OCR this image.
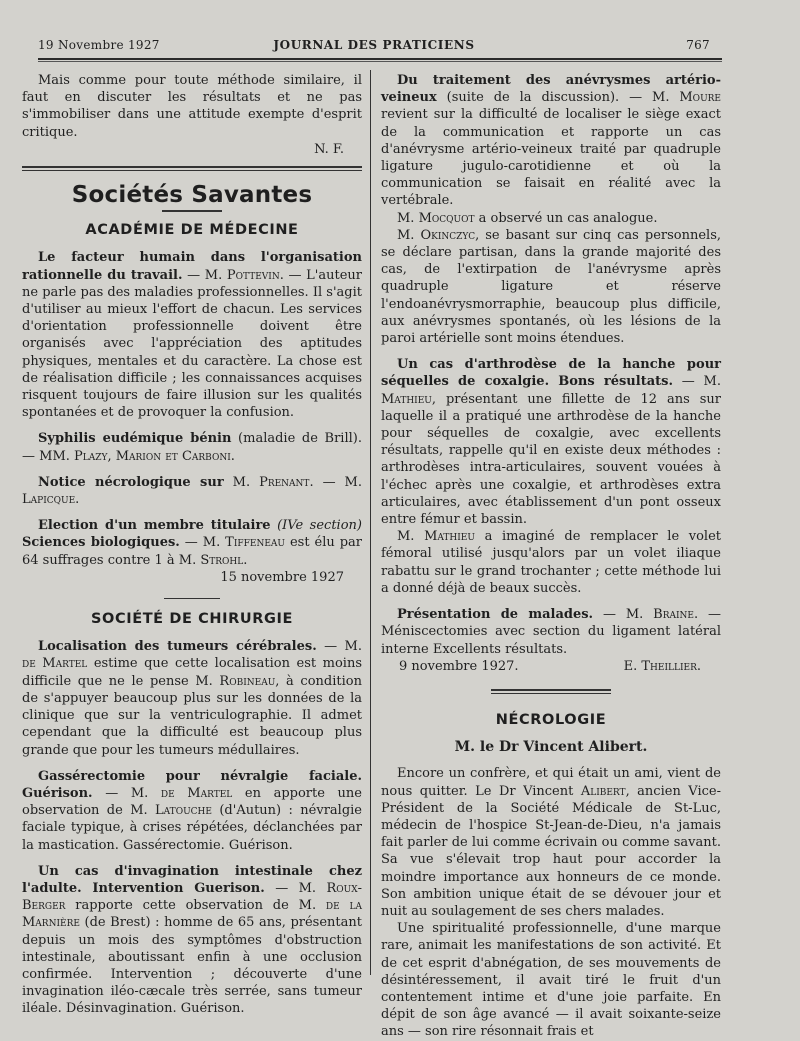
19 Novembre 1927	JOURNAL DES PRATICIENS	767

Mais comme pour toute méthode similaire, il faut en discuter les résultats et ne pas s'immobiliser dans une attitude exempte d'esprit critique.

N. F.

Sociétés Savantes
ACADÉMIE DE MÉDECINE

Le facteur humain dans l'organisation rationnelle du travail. — M. Pottevin. — L'auteur ne parle pas des maladies professionnelles. Il s'agit d'utiliser au mieux l'effort de chacun. Les services d'orientation professionnelle doivent être organisés avec l'appréciation des aptitudes physiques, mentales et du caractère. La chose est de réalisation difficile ; les connaissances acquises risquent toujours de faire illusion sur les qualités spontanées et de provoquer la confusion.

Syphilis eudémique bénin (maladie de Brill). — MM. Plazy, Marion et Carboni.

Notice nécrologique sur M. Prenant. — M. Lapicque.

Election d'un membre titulaire (IVe section) Sciences biologiques. — M. Tiffeneau est élu par 64 suffrages contre 1 à M. Strohl.

15 novembre 1927

SOCIÉTÉ DE CHIRURGIE

Localisation des tumeurs cérébrales. — M. de Martel estime que cette localisation est moins difficile que ne le pense M. Robineau, à condition de s'appuyer beaucoup plus sur les données de la clinique que sur la ventriculographie. Il admet cependant que la difficulté est beaucoup plus grande que pour les tumeurs médullaires.

Gassérectomie pour névralgie faciale. Guérison. — M. de Martel en apporte une observation de M. Latouche (d'Autun) : névralgie faciale typique, à crises répétées, déclanchées par la mastication. Gassérectomie. Guérison.

Un cas d'invagination intestinale chez l'adulte. Intervention Guerison. — M. Roux-Berger rapporte cette observation de M. de la Marnière (de Brest) : homme de 65 ans, présentant depuis un mois des symptômes d'obstruction intestinale, aboutissant enfin à une occlusion confirmée. Intervention ; découverte d'une invagination iléo-cæcale très serrée, sans tumeur iléale. Désinvagination. Guérison.

Du traitement des anévrysmes artério-veineux (suite de la discussion). — M. Moure revient sur la difficulté de localiser le siège exact de la communication et rapporte un cas d'anévrysme artério-veineux traité par quadruple ligature jugulo-carotidienne et où la communication se faisait en réalité avec la vertébrale.

M. Mocquot a observé un cas analogue.

M. Okinczyc, se basant sur cinq cas personnels, se déclare partisan, dans la grande majorité des cas, de l'extirpation de l'anévrysme après quadruple ligature et réserve l'endoanévrysmorraphie, beaucoup plus difficile, aux anévrysmes spontanés, où les lésions de la paroi artérielle sont moins étendues.

Un cas d'arthrodèse de la hanche pour séquelles de coxalgie. Bons résultats. — M. Mathieu, présentant une fillette de 12 ans sur laquelle il a pratiqué une arthrodèse de la hanche pour séquelles de coxalgie, avec excellents résultats, rappelle qu'il en existe deux méthodes : arthrodèses intra-articulaires, souvent vouées à l'échec après une coxalgie, et arthrodèses extra articulaires, avec établissement d'un pont osseux entre fémur et bassin.

M. Mathieu a imaginé de remplacer le volet fémoral utilisé jusqu'alors par un volet iliaque rabattu sur le grand trochanter ; cette méthode lui a donné déjà de beaux succès.

Présentation de malades. — M. Braine. — Méniscectomies avec section du ligament latéral interne Excellents résultats.

9 novembre 1927.	E. Theillier.
NÉCROLOGIE
M. le Dr Vincent Alibert.

Encore un confrère, et qui était un ami, vient de nous quitter. Le Dr Vincent Alibert, ancien Vice-Président de la Société Médicale de St-Luc, médecin de l'hospice St-Jean-de-Dieu, n'a jamais fait parler de lui comme écrivain ou comme savant. Sa vue s'élevait trop haut pour accorder la moindre importance aux honneurs de ce monde. Son ambition unique était de se dévouer jour et nuit au soulagement de ses chers malades.

Une spiritualité professionnelle, d'une marque rare, animait les manifestations de son activité. Et de cet esprit d'abnégation, de ses mouvements de désintéressement, il avait tiré le fruit d'un contentement intime et d'une joie parfaite. En dépit de son âge avancé — il avait soixante-seize ans — son rire résonnait frais et
